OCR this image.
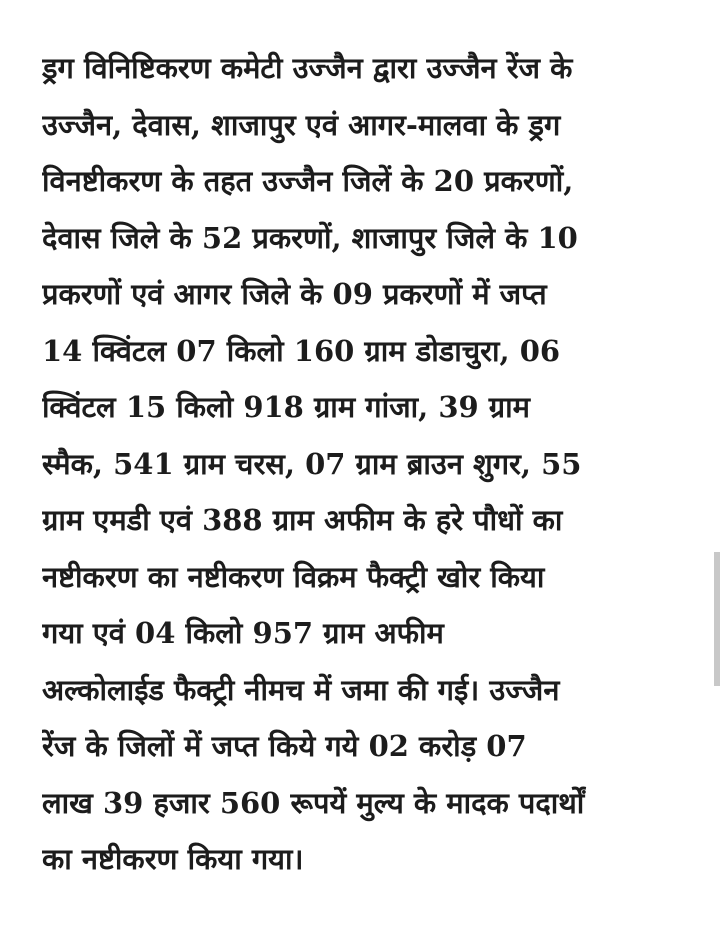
ड्रग विनिष्टिकरण कमेटी उज्जैन द्वारा उज्जैन रेंज के
उज्जैन, देवास, शाजापुर एवं आगर-मालवा के ड्रग
विनष्टीकरण के तहत उज्जैन जिलें के 20 प्रकरणों,
देवास जिले के 52 प्रकरणों, शाजापुर जिले के 10
प्रकरणों एवं आगर जिले के 09 प्रकरणों में जप्त
14 क्विंटल 07 किलो 160 ग्राम डोडाचुरा, 06
क्विंटल 15 किलो 918 ग्राम गांजा, 39 ग्राम
स्मैक, 541 ग्राम चरस, 07 ग्राम ब्राउन शुगर, 55
ग्राम एमडी एवं 388 ग्राम अफीम के हरे पौधों का
नष्टीकरण का नष्टीकरण विक्रम फैक्ट्री खोर किया
गया एवं 04 किलो 957 ग्राम अफीम
अल्कोलाईड फैक्ट्री नीमच में जमा की गई। उज्जैन
रेंज के जिलों में जप्त किये गये 02 करोड़ 07
लाख 39 हजार 560 रूपयें मुल्य के मादक पदार्थों
का नष्टीकरण किया गया।
